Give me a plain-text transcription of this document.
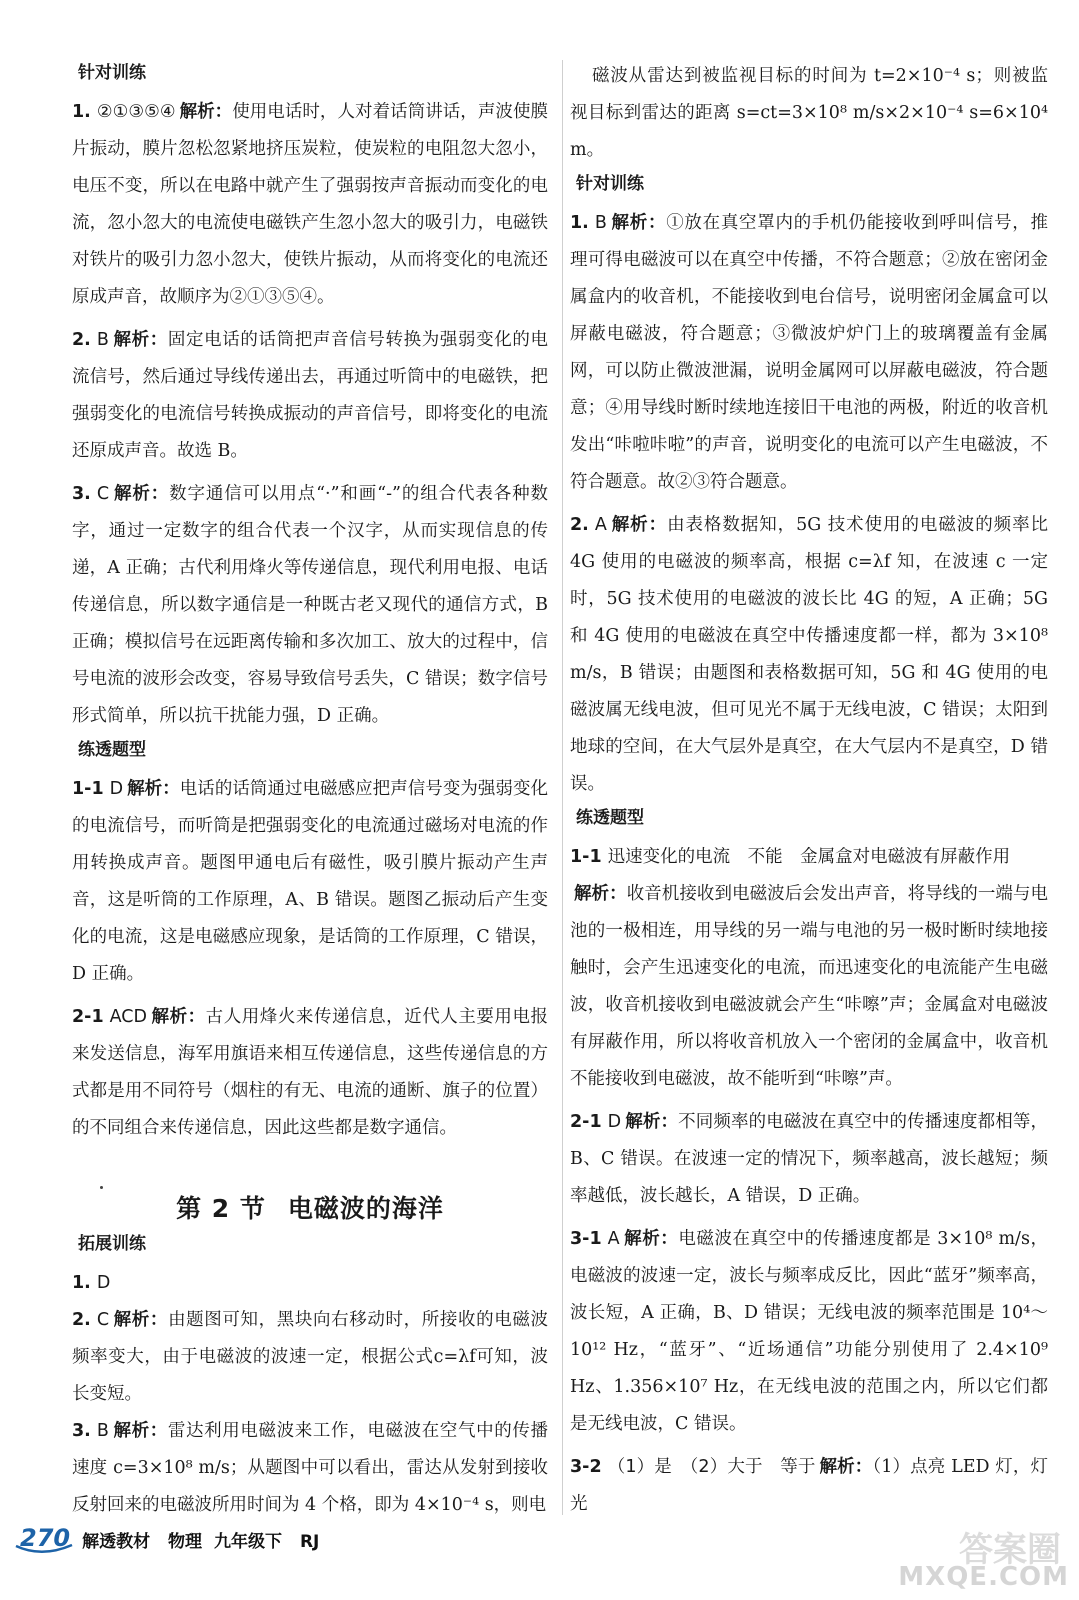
针对训练
1. ②①③⑤④ 解析：使用电话时，人对着话筒讲话，声波使膜片振动，膜片忽松忽紧地挤压炭粒，使炭粒的电阻忽大忽小，电压不变，所以在电路中就产生了强弱按声音振动而变化的电流，忽小忽大的电流使电磁铁产生忽小忽大的吸引力，电磁铁对铁片的吸引力忽小忽大，使铁片振动，从而将变化的电流还原成声音，故顺序为②①③⑤④。
2. B 解析：固定电话的话筒把声音信号转换为强弱变化的电流信号，然后通过导线传递出去，再通过听筒中的电磁铁，把强弱变化的电流信号转换成振动的声音信号，即将变化的电流还原成声音。故选 B。
3. C 解析：数字通信可以用点“·”和画“-”的组合代表各种数字，通过一定数字的组合代表一个汉字，从而实现信息的传递，A 正确；古代利用烽火等传递信息，现代利用电报、电话传递信息，所以数字通信是一种既古老又现代的通信方式，B 正确；模拟信号在远距离传输和多次加工、放大的过程中，信号电流的波形会改变，容易导致信号丢失，C 错误；数字信号形式简单，所以抗干扰能力强，D 正确。
练透题型
1-1 D 解析：电话的话筒通过电磁感应把声信号变为强弱变化的电流信号，而听筒是把强弱变化的电流通过磁场对电流的作用转换成声音。题图甲通电后有磁性，吸引膜片振动产生声音，这是听筒的工作原理，A、B 错误。题图乙振动后产生变化的电流，这是电磁感应现象，是话筒的工作原理，C 错误，D 正确。
2-1 ACD 解析：古人用烽火来传递信息，近代人主要用电报来发送信息，海军用旗语来相互传递信息，这些传递信息的方式都是用不同符号（烟柱的有无、电流的通断、旗子的位置）的不同组合来传递信息，因此这些都是数字通信。
第 2 节 电磁波的海洋
拓展训练
1. D
2. C 解析：由题图可知，黑块向右移动时，所接收的电磁波频率变大，由于电磁波的波速一定，根据公式c=λf可知，波长变短。
3. B 解析：雷达利用电磁波来工作，电磁波在空气中的传播速度 c=3×10⁸ m/s；从题图中可以看出，雷达从发射到接收反射回来的电磁波所用时间为 4 个格，即为 4×10⁻⁴ s，则电
磁波从雷达到被监视目标的时间为 t=2×10⁻⁴ s；则被监视目标到雷达的距离 s=ct=3×10⁸ m/s×2×10⁻⁴ s=6×10⁴ m。
针对训练
1. B 解析：①放在真空罩内的手机仍能接收到呼叫信号，推理可得电磁波可以在真空中传播，不符合题意；②放在密闭金属盒内的收音机，不能接收到电台信号，说明密闭金属盒可以屏蔽电磁波，符合题意；③微波炉炉门上的玻璃覆盖有金属网，可以防止微波泄漏，说明金属网可以屏蔽电磁波，符合题意；④用导线时断时续地连接旧干电池的两极，附近的收音机发出“咔啦咔啦”的声音，说明变化的电流可以产生电磁波，不符合题意。故②③符合题意。
2. A 解析：由表格数据知，5G 技术使用的电磁波的频率比 4G 使用的电磁波的频率高，根据 c=λf 知，在波速 c 一定时，5G 技术使用的电磁波的波长比 4G 的短，A 正确；5G 和 4G 使用的电磁波在真空中传播速度都一样，都为 3×10⁸ m/s，B 错误；由题图和表格数据可知，5G 和 4G 使用的电磁波属无线电波，但可见光不属于无线电波，C 错误；太阳到地球的空间，在大气层外是真空，在大气层内不是真空，D 错误。
练透题型
1-1 迅速变化的电流　不能　金属盒对电磁波有屏蔽作用
解析：收音机接收到电磁波后会发出声音，将导线的一端与电池的一极相连，用导线的另一端与电池的另一极时断时续地接触时，会产生迅速变化的电流，而迅速变化的电流能产生电磁波，收音机接收到电磁波就会产生“咔嚓”声；金属盒对电磁波有屏蔽作用，所以将收音机放入一个密闭的金属盒中，收音机不能接收到电磁波，故不能听到“咔嚓”声。
2-1 D 解析：不同频率的电磁波在真空中的传播速度都相等，B、C 错误。在波速一定的情况下，频率越高，波长越短；频率越低，波长越长，A 错误，D 正确。
3-1 A 解析：电磁波在真空中的传播速度都是 3×10⁸ m/s，电磁波的波速一定，波长与频率成反比，因此“蓝牙”频率高，波长短，A 正确，B、D 错误；无线电波的频率范围是 10⁴～10¹² Hz，“蓝牙”、“近场通信”功能分别使用了 2.4×10⁹ Hz、1.356×10⁷ Hz，在无线电波的范围之内，所以它们都是无线电波，C 错误。
3-2 （1）是　（2）大于　等于 解析：（1）点亮 LED 灯，灯光
270 解透教材 物理 九年级下 RJ	答案圈
MXQE.COM
